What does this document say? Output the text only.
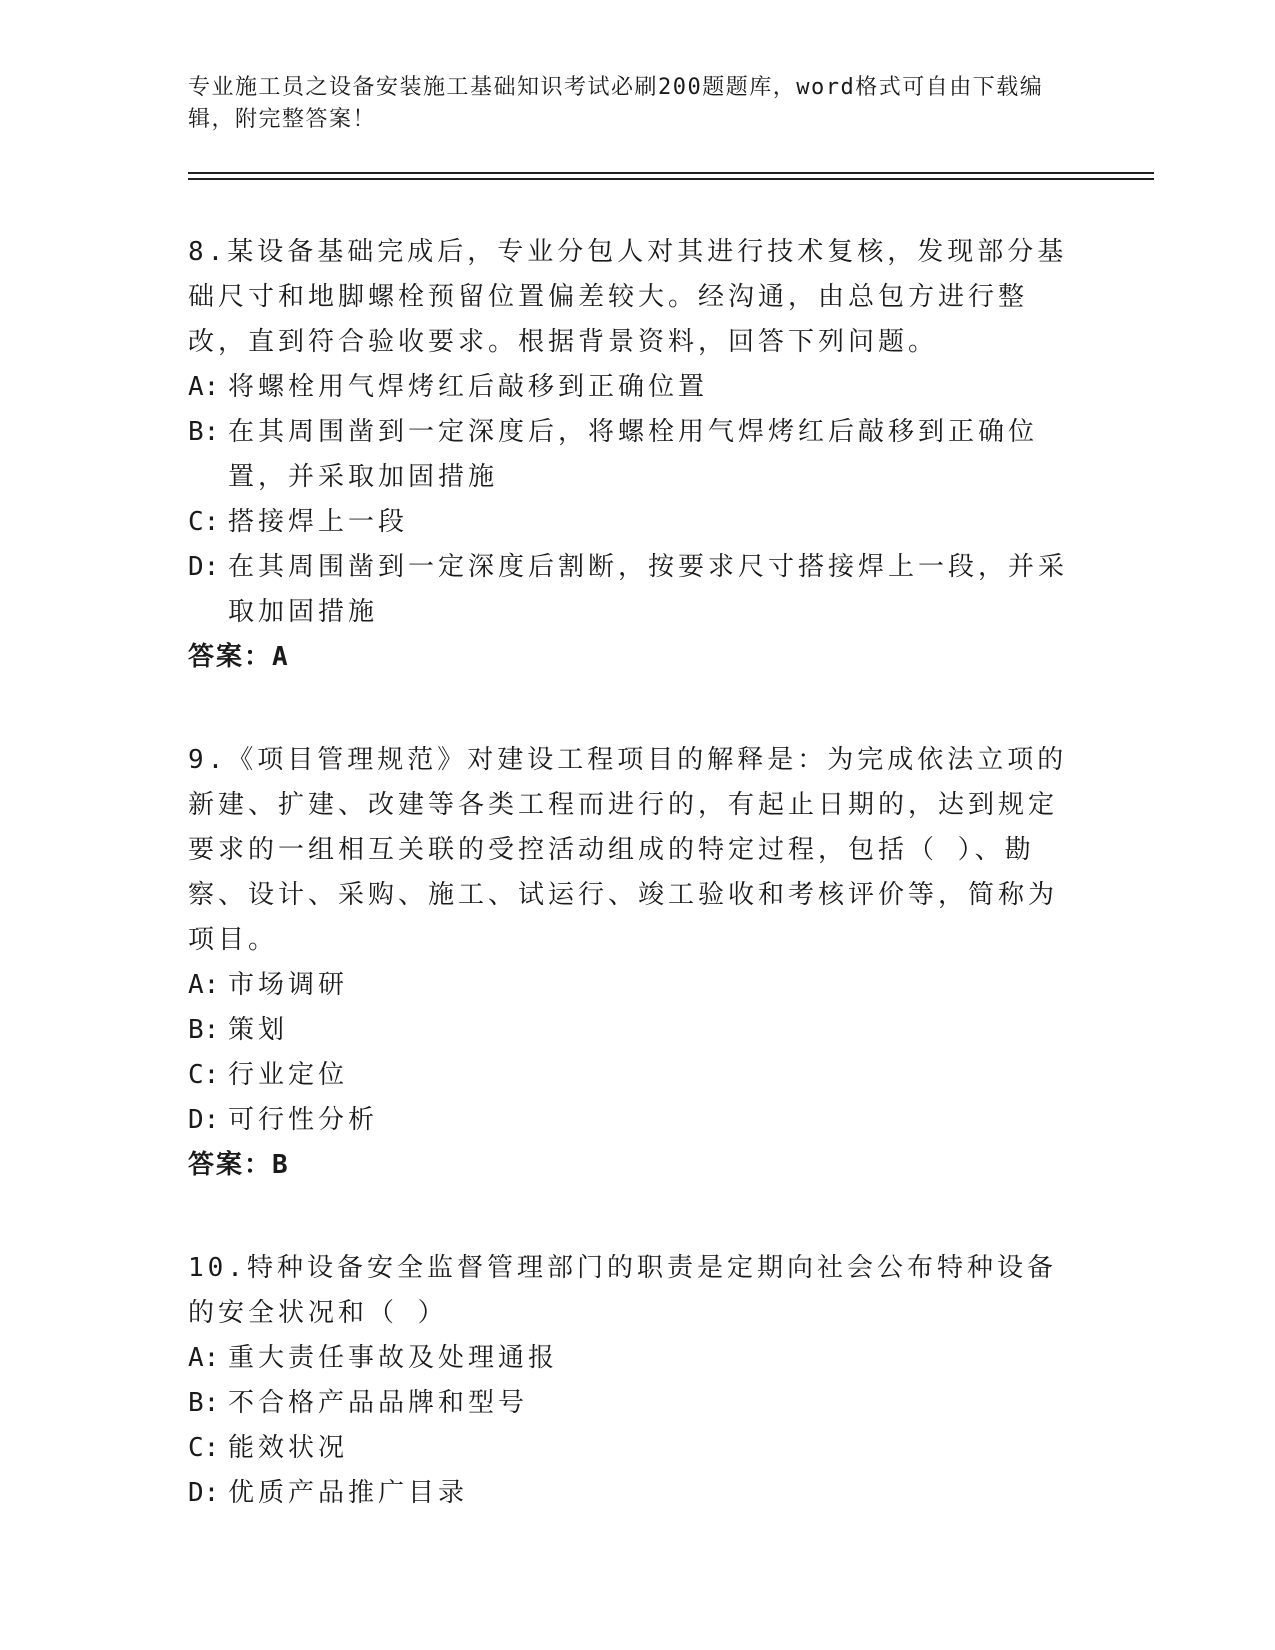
专业施工员之设备安装施工基础知识考试必刷200题题库，word格式可自由下载编辑，附完整答案！
8.某设备基础完成后，专业分包人对其进行技术复核，发现部分基础尺寸和地脚螺栓预留位置偏差较大。经沟通，由总包方进行整改，直到符合验收要求。根据背景资料，回答下列问题。
A: 将螺栓用气焊烤红后敲移到正确位置
B: 在其周围凿到一定深度后，将螺栓用气焊烤红后敲移到正确位置，并采取加固措施
C: 搭接焊上一段
D: 在其周围凿到一定深度后割断，按要求尺寸搭接焊上一段，并采取加固措施
答案：A
9.《项目管理规范》对建设工程项目的解释是：为完成依法立项的新建、扩建、改建等各类工程而进行的，有起止日期的，达到规定要求的一组相互关联的受控活动组成的特定过程，包括（ ）、勘察、设计、采购、施工、试运行、竣工验收和考核评价等，简称为项目。
A: 市场调研
B: 策划
C: 行业定位
D: 可行性分析
答案：B
10.特种设备安全监督管理部门的职责是定期向社会公布特种设备的安全状况和（ ）
A: 重大责任事故及处理通报
B: 不合格产品品牌和型号
C: 能效状况
D: 优质产品推广目录
